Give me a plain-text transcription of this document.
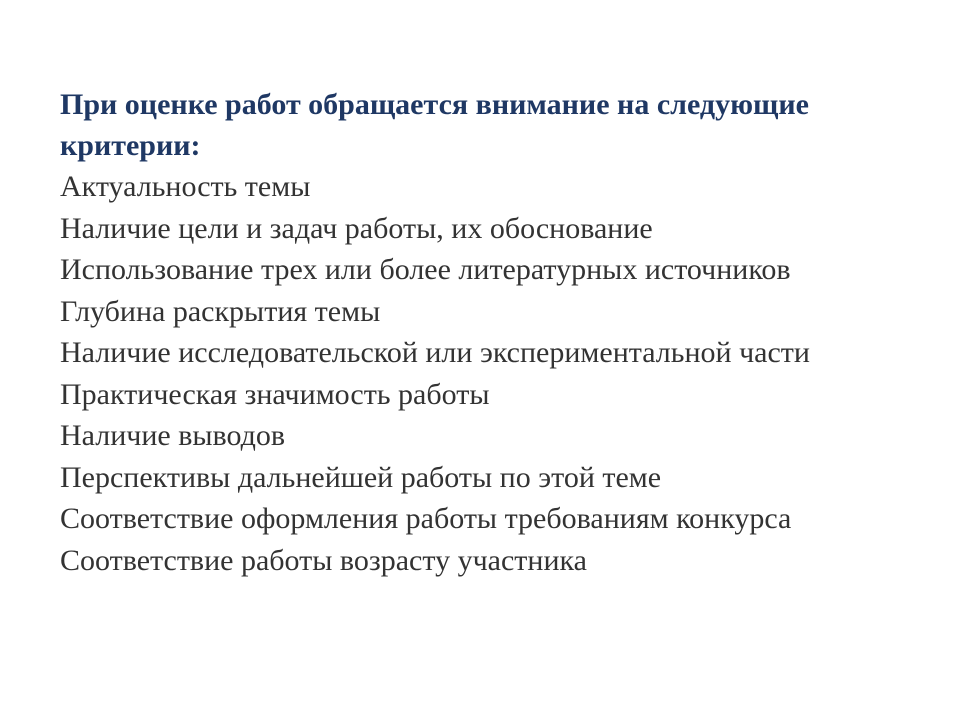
При оценке работ обращается внимание на следующие критерии:

Актуальность темы
Наличие цели и задач работы, их обоснование
Использование трех или более литературных источников
Глубина раскрытия темы
Наличие исследовательской или экспериментальной части
Практическая значимость работы
Наличие выводов
Перспективы дальнейшей работы по этой теме
Соответствие оформления работы требованиям конкурса
Соответствие работы возрасту участника
